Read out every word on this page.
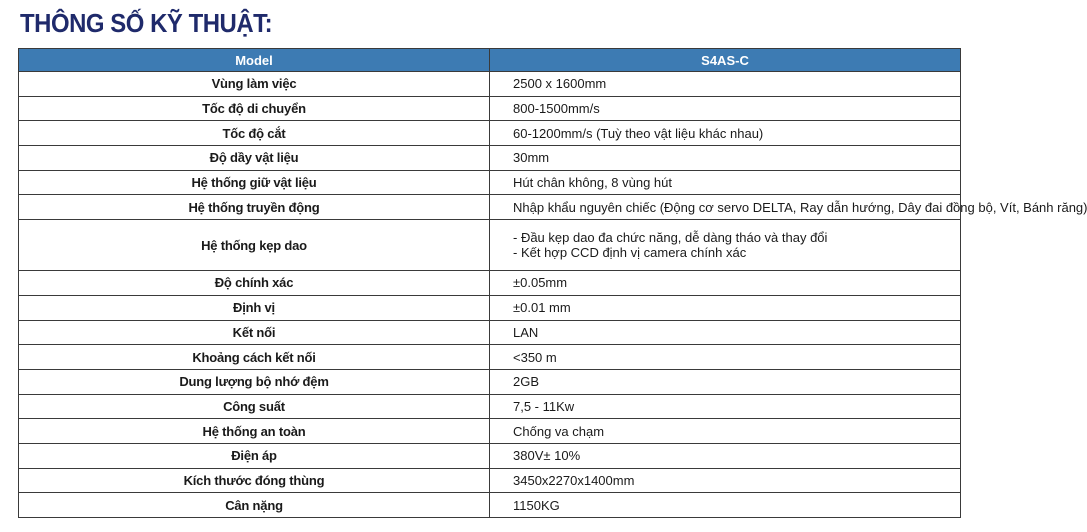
THÔNG SỐ KỸ THUẬT:
Model	S4AS-C
Vùng làm việc	2500 x 1600mm

Tốc độ di chuyển	800-1500mm/s

Tốc độ cắt	60-1200mm/s (Tuỳ theo vật liệu khác nhau)

Độ dầy vật liệu	30mm

Hệ thống giữ vật liệu	Hút chân không, 8 vùng hút

Hệ thống truyền động	Nhập khẩu nguyên chiếc (Động cơ servo DELTA, Ray dẫn hướng, Dây đai đồng bộ, Vít, Bánh răng)

Hệ thống kẹp dao	- Đầu kẹp dao đa chức năng, dễ dàng tháo và thay đổi
- Kết hợp CCD định vị camera chính xác

Độ chính xác	±0.05mm

Định vị	±0.01 mm

Kết nối	LAN

Khoảng cách kết nối	<350 m

Dung lượng bộ nhớ đệm	2GB

Công suất	7,5 - 11Kw

Hệ thống an toàn	Chống va chạm

Điện áp	380V± 10%

Kích thước đóng thùng	3450x2270x1400mm

Cân nặng	1150KG
